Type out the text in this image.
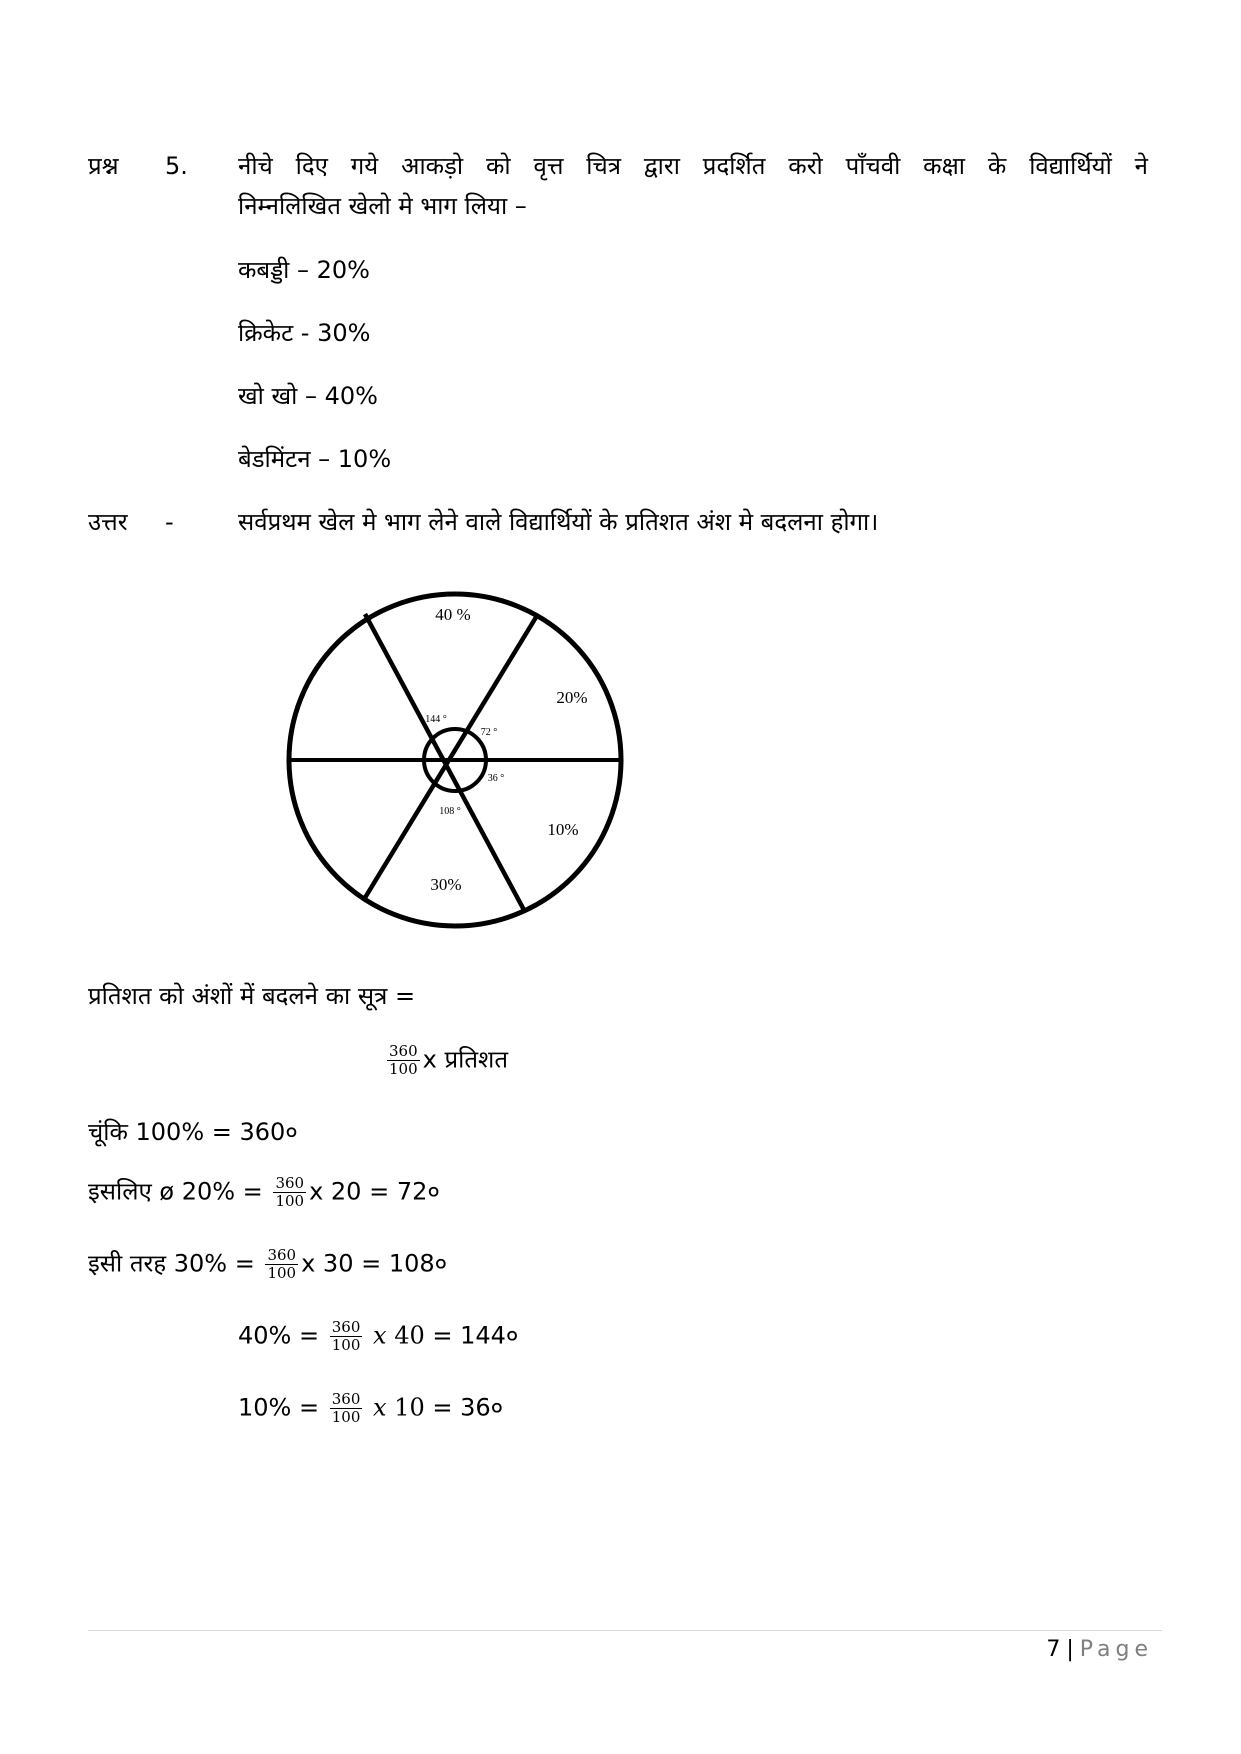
प्रश्न 5. नीचे दिए गये आकड़ो को वृत्त चित्र द्वारा प्रदर्शित करो पाँचवी कक्षा के विद्यार्थियों ने
निम्नलिखित खेलो मे भाग लिया –
कबड्डी – 20%
क्रिकेट - 30%
खो खो – 40%
बेडमिंटन – 10%
उत्तर -	सर्वप्रथम खेल मे भाग लेने वाले विद्यार्थियों के प्रतिशत अंश मे बदलना होगा।
40 %
20%
10%
30%
144 °
72 °
36 °
108 °
प्रतिशत को अंशों में बदलने का सूत्र =
$\frac{360}{100}$ x प्रतिशत
चूंकि 100% = 360०
इसलिए ø $20\% = \frac{360}{100}$ x 20 = 72०
इसी तरह $30\% = \frac{360}{100}$ x 30 = 108०
$40\% = \frac{360}{100}$ x 40 = 144०
$10\% = \frac{360}{100}$ x 10 = 36०
7 | Page
